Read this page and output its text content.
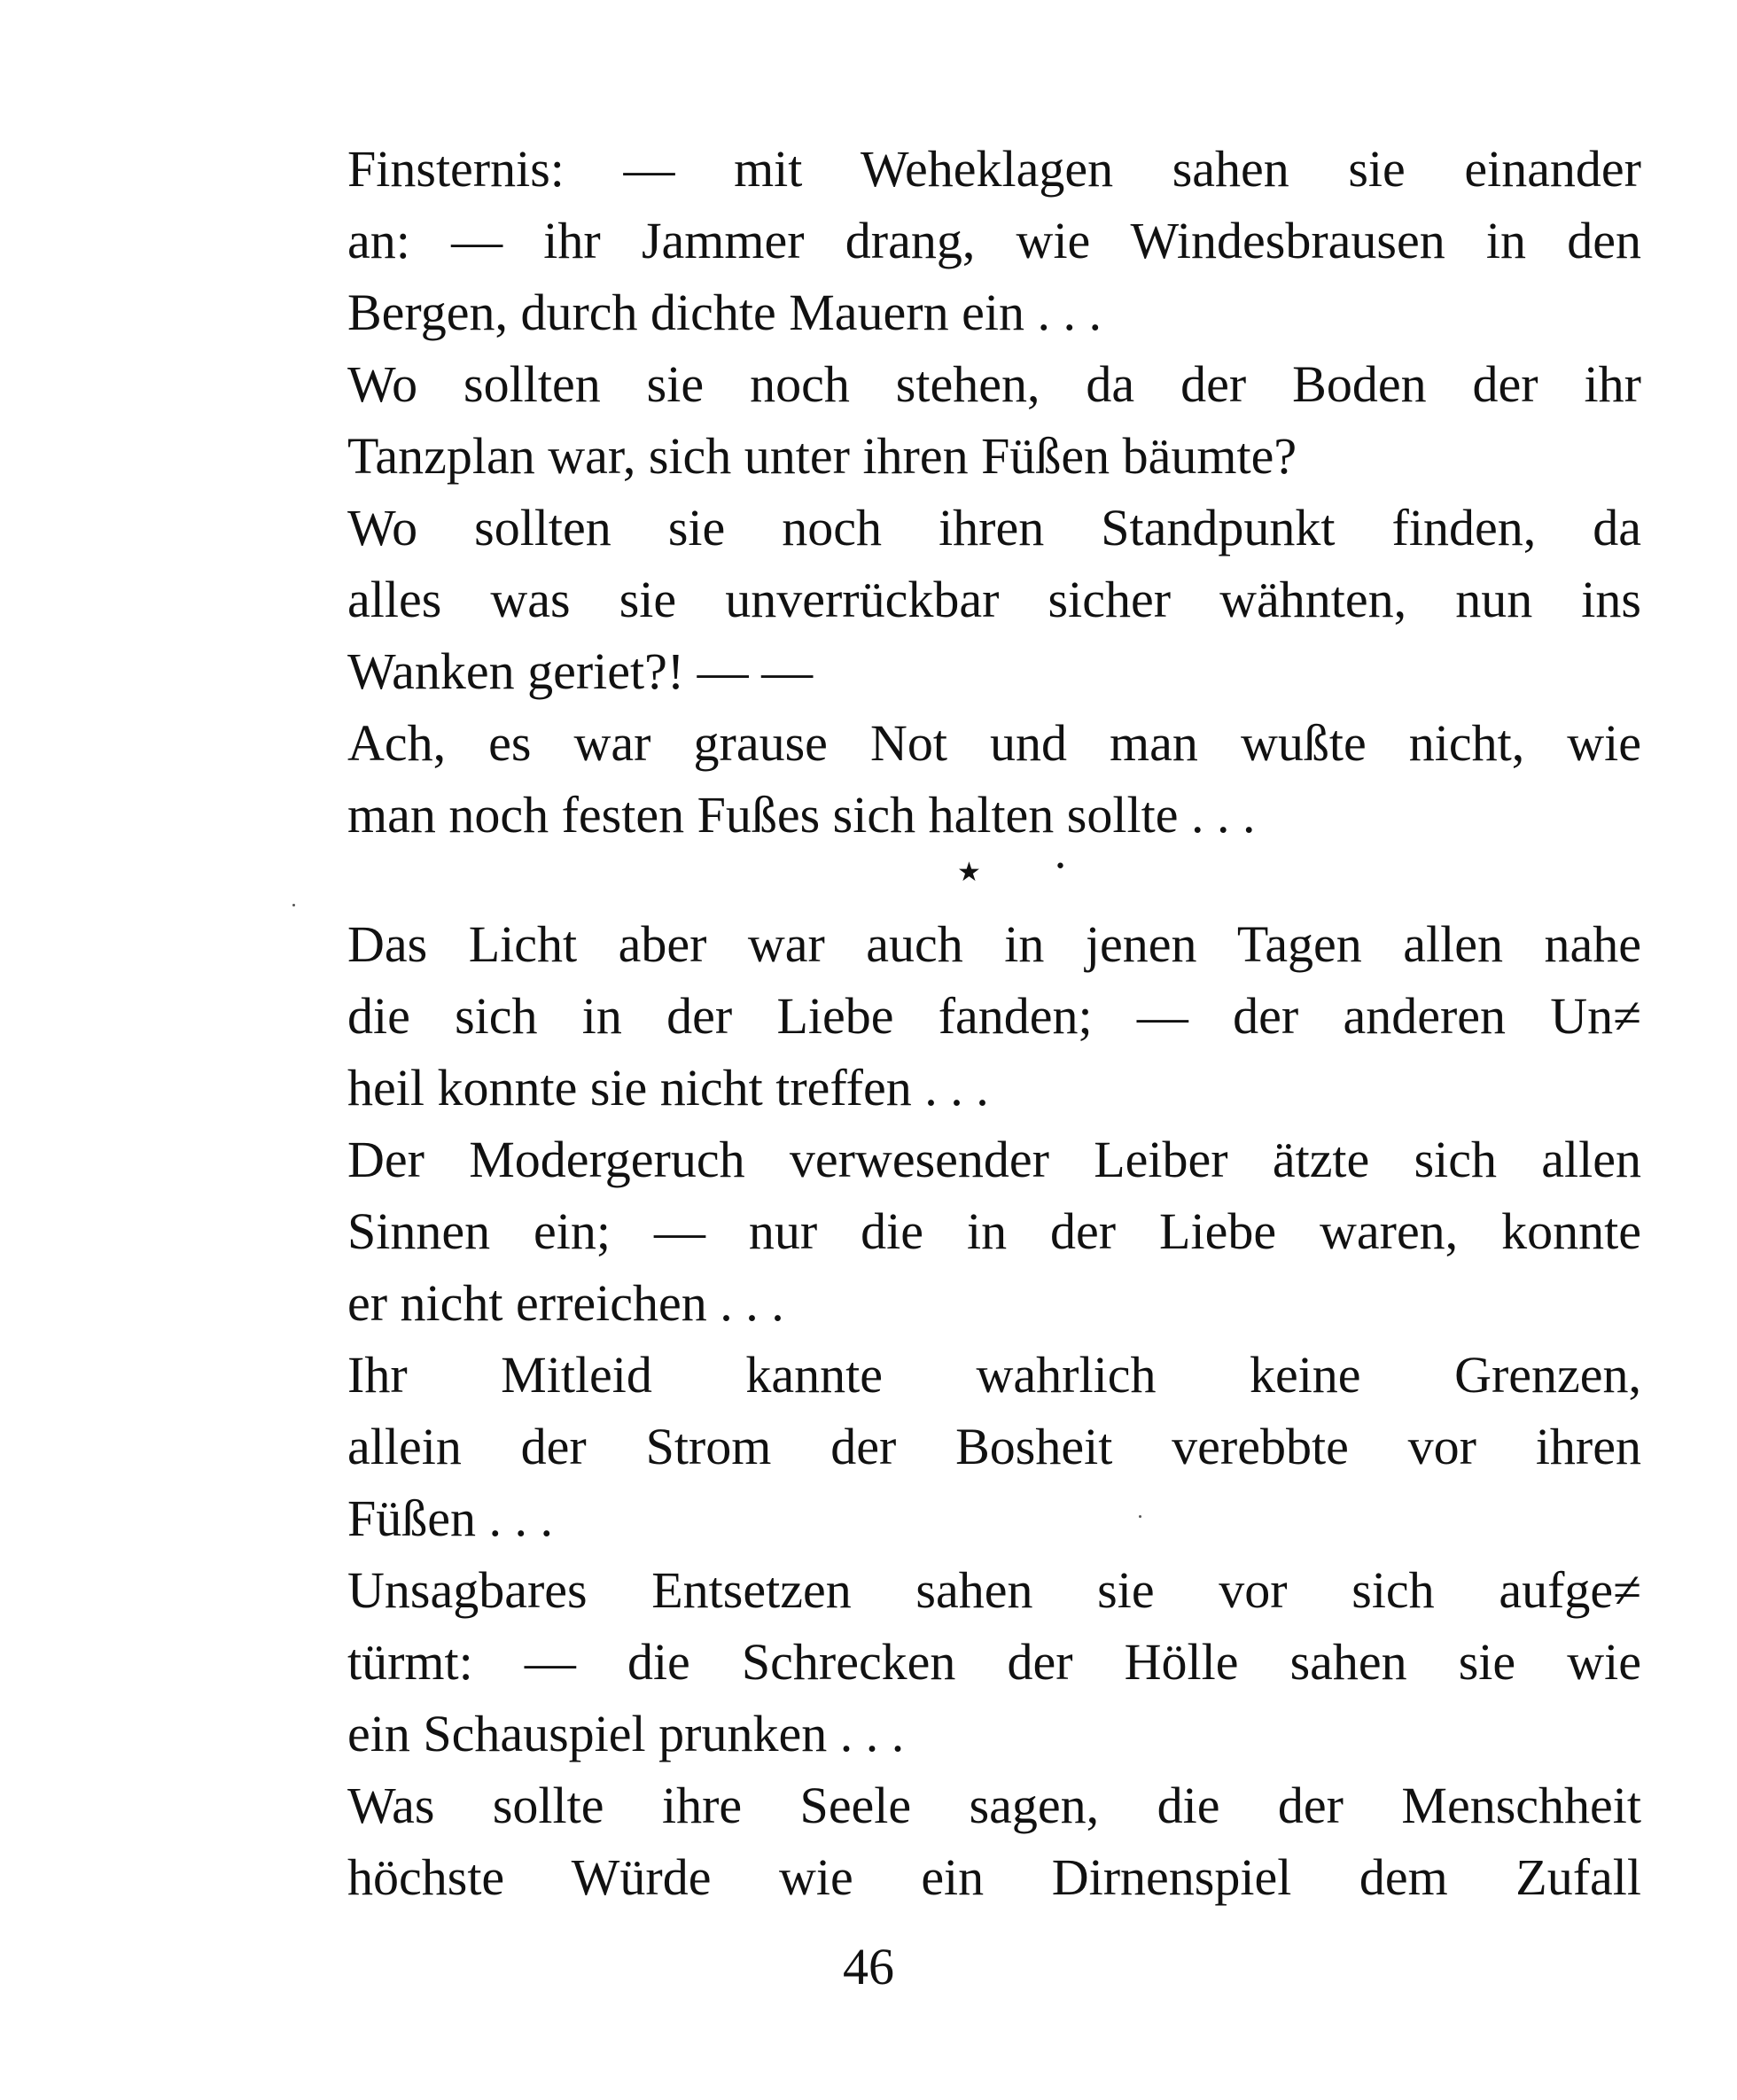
Finsternis: — mit Weheklagen sahen sie einander
an: — ihr Jammer drang, wie Windesbrausen in den
Bergen, durch dichte Mauern ein . . .
Wo sollten sie noch stehen, da der Boden der ihr
Tanzplan war, sich unter ihren Füßen bäumte?
Wo sollten sie noch ihren Standpunkt finden, da
alles was sie unverrückbar sicher wähnten, nun ins
Wanken geriet?! — —
Ach, es war grause Not und man wußte nicht, wie
man noch festen Fußes sich halten sollte . . .
★	•
Das Licht aber war auch in jenen Tagen allen nahe
die sich in der Liebe fanden; — der anderen Un≠
heil konnte sie nicht treffen . . .
Der Modergeruch verwesender Leiber ätzte sich allen
Sinnen ein; — nur die in der Liebe waren, konnte
er nicht erreichen . . .
Ihr Mitleid kannte wahrlich keine Grenzen,
allein der Strom der Bosheit verebbte vor ihren
Füßen . . .
Unsagbares Entsetzen sahen sie vor sich aufge≠
türmt: — die Schrecken der Hölle sahen sie wie
ein Schauspiel prunken . . .
Was sollte ihre Seele sagen, die der Menschheit
höchste Würde wie ein Dirnenspiel dem Zufall
46
